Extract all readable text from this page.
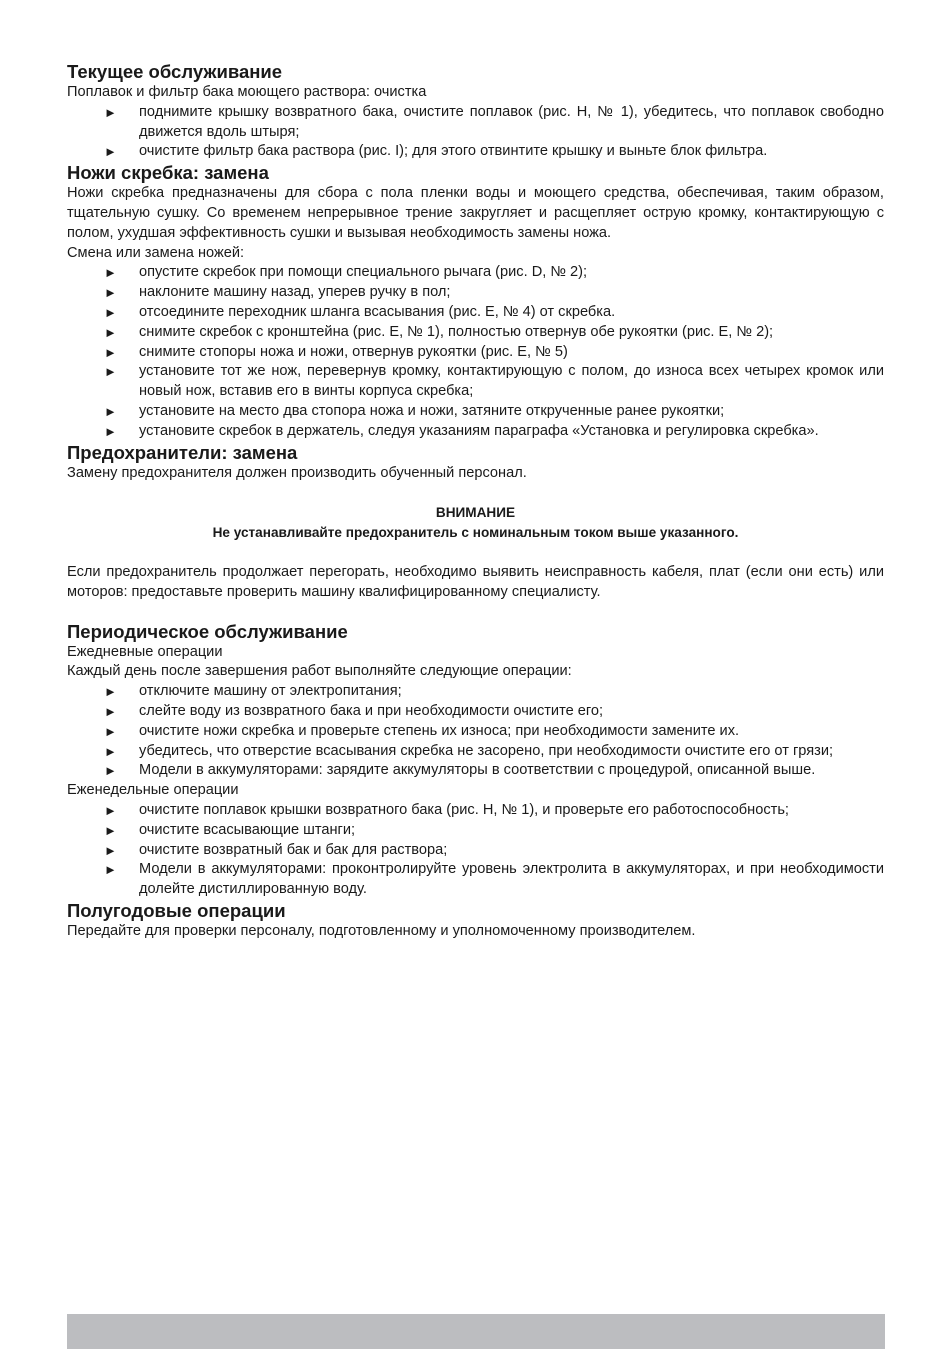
Текущее обслуживание
Поплавок и фильтр бака моющего раствора: очистка
► поднимите крышку возвратного бака, очистите поплавок (рис. H, № 1), убедитесь, что поплавок свободно движется вдоль штыря;
► очистите фильтр бака раствора (рис. I); для этого отвинтите крышку и выньте блок фильтра.
Ножи скребка: замена

Ножи скребка предназначены для сбора с пола пленки воды и моющего средства, обеспечивая, таким образом, тщательную сушку. Со временем непрерывное трение закругляет и расщепляет острую кромку, контактирующую с полом, ухудшая эффективность сушки и вызывая необходимость замены ножа.

Смена или замена ножей:
► опустите скребок при помощи специального рычага (рис. D, № 2);
► наклоните машину назад, уперев ручку в пол;
► отсоедините переходник шланга всасывания (рис. E, № 4) от скребка.
► снимите скребок с кронштейна (рис. E, № 1), полностью отвернув обе рукоятки (рис. E, № 2);
► снимите стопоры ножа и ножи, отвернув рукоятки (рис. E, № 5)
► установите тот же нож, перевернув кромку, контактирующую с полом, до износа всех четырех кромок или новый нож, вставив его в винты корпуса скребка;
► установите на место два стопора ножа и ножи, затяните открученные ранее рукоятки;
► установите скребок в держатель, следуя указаниям параграфа «Установка и регулировка скребка».
Предохранители: замена

Замену предохранителя должен производить обученный персонал.

ВНИМАНИЕ
Не устанавливайте предохранитель с номинальным током выше указанного.

Если предохранитель продолжает перегорать, необходимо выявить неисправность кабеля, плат (если они есть) или моторов: предоставьте проверить машину квалифицированному специалисту.

Периодическое обслуживание
Ежедневные операции
Каждый день после завершения работ выполняйте следующие операции:
► отключите машину от электропитания;
► слейте воду из возвратного бака и при необходимости очистите его;
► очистите ножи скребка и проверьте степень их износа; при необходимости замените их.
► убедитесь, что отверстие всасывания скребка не засорено, при необходимости очистите его от грязи;
► Модели в аккумуляторами: зарядите аккумуляторы в соответствии с процедурой, описанной выше.
Еженедельные операции
► очистите поплавок крышки возвратного бака (рис. H, № 1), и проверьте его работоспособность;
► очистите всасывающие штанги;
► очистите возвратный бак и бак для раствора;
► Модели в аккумуляторами: проконтролируйте уровень электролита в аккумуляторах, и при необходимости долейте дистиллированную воду.
Полугодовые операции

Передайте для проверки персоналу, подготовленному и уполномоченному производителем.
